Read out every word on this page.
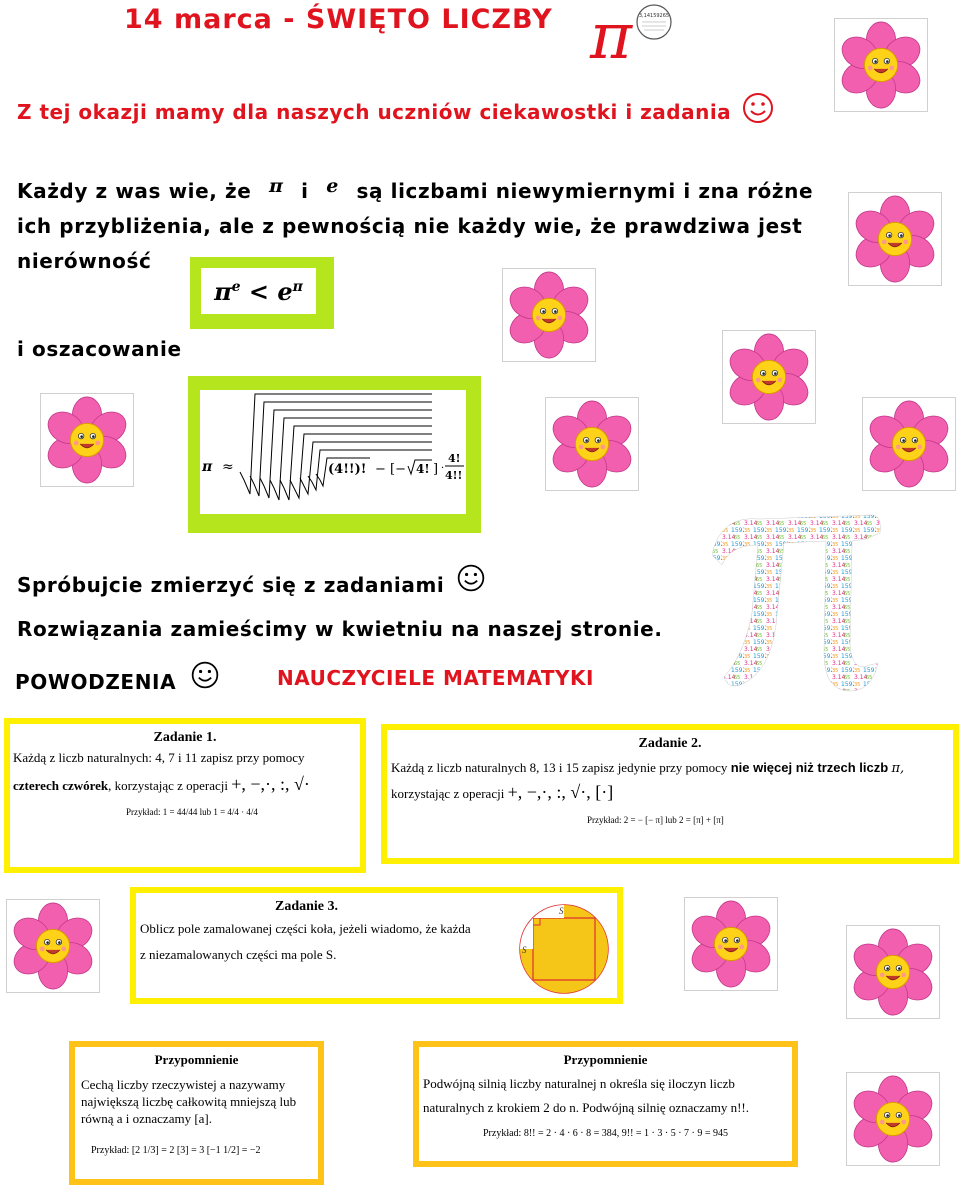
14 marca - ŚWIĘTO LICZBY π 3,14159265
Z tej okazji mamy dla naszych uczniów ciekawostki i zadania
Każdy z was wie, że π i e są liczbami niewymiernymi i zna różne
ich przybliżenia, ale z pewnością nie każdy wie, że prawdziwa jest
nierówność
$\pi^e < e^\pi$
i oszacowanie
π ≈	(4!!)! − [− 4! ] ·
4!
4!!
Spróbujcie zmierzyć się z zadaniami
Rozwiązania zamieścimy w kwietniu na naszej stronie.
POWODZENIA	NAUCZYCIELE MATEMATYKI
Zadanie 1.
Każdą z liczb naturalnych: 4, 7 i 11 zapisz przy pomocy
czterech czwórek, korzystając z operacji +, −,·, :, √·
Przykład: 1 = 44/44 lub 1 = 4/4 · 4/4
Zadanie 2.
Każdą z liczb naturalnych 8, 13 i 15 zapisz jedynie przy pomocy nie więcej niż trzech liczb π,
korzystając z operacji +, −,·, :, √·, [·]
Przykład: 2 = − [− π] lub 2 = [π] + [π]
Zadanie 3.
Oblicz pole zamalowanej części koła, jeżeli wiadomo, że każda
z niezamalowanych części ma pole S.
S
S
Przypomnienie
Cechą liczby rzeczywistej a nazywamy największą liczbę całkowitą mniejszą lub równą a i oznaczamy [a].
Przykład: [2 1/3] = 2 [3] = 3 [−1 1/2] = −2
Przypomnienie
Podwójną silnią liczby naturalnej n określa się iloczyn liczb
naturalnych z krokiem 2 do n. Podwójną silnię oznaczamy n!!.
Przykład: 8!! = 2 · 4 · 6 · 8 = 384, 9!! = 1 · 3 · 5 · 7 · 9 = 945
